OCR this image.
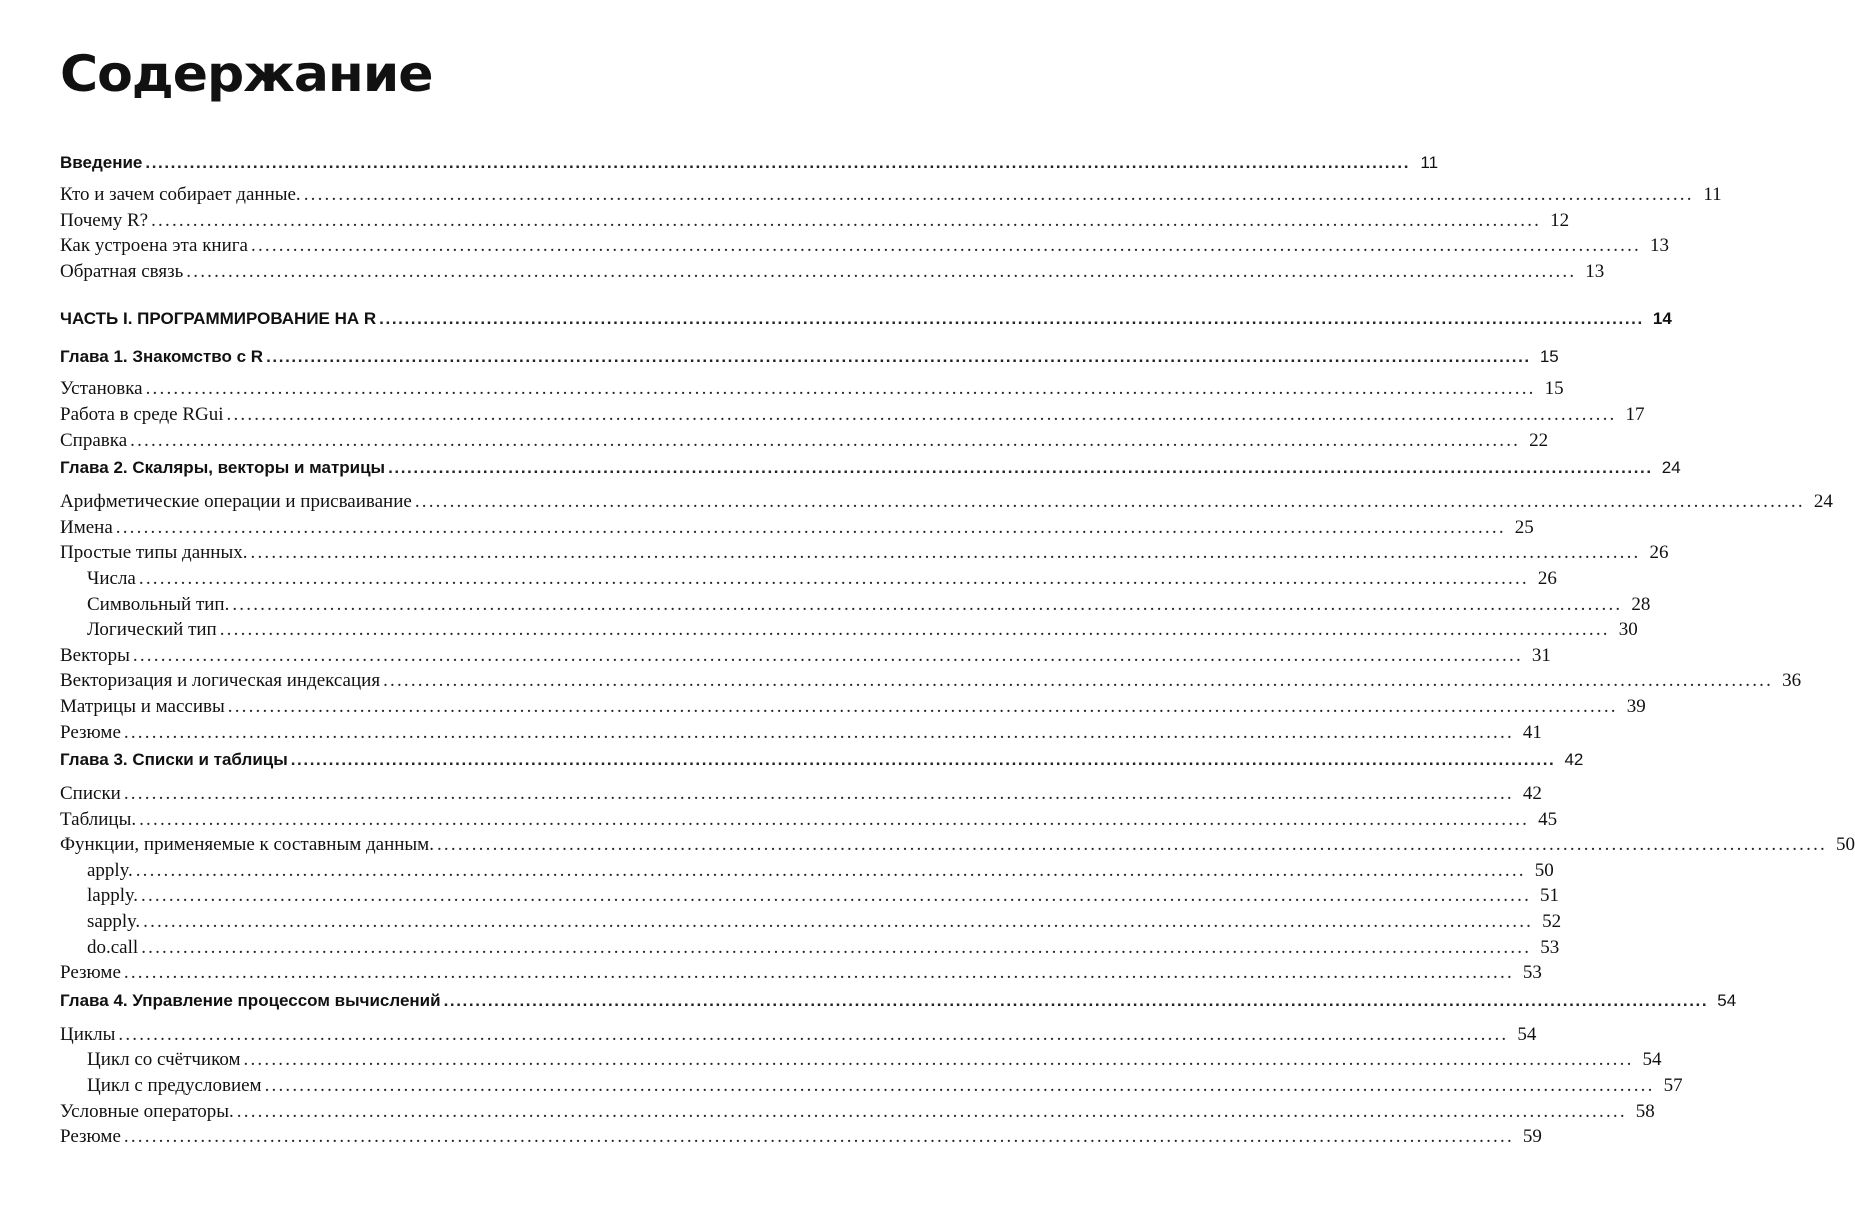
Содержание
Введение ........................................................................................................................................................................................................ 11
Кто и зачем собирает данные. ........................................................................................................................................................................................................ 11
Почему R? ........................................................................................................................................................................................................ 12
Как устроена эта книга ........................................................................................................................................................................................................ 13
Обратная связь ........................................................................................................................................................................................................ 13
ЧАСТЬ I. ПРОГРАММИРОВАНИЕ НА R ........................................................................................................................................................................................................ 14
Глава 1. Знакомство с R ........................................................................................................................................................................................................ 15
Установка ........................................................................................................................................................................................................ 15
Работа в среде RGui ........................................................................................................................................................................................................ 17
Справка ........................................................................................................................................................................................................ 22
Глава 2. Скаляры, векторы и матрицы ........................................................................................................................................................................................................ 24
Арифметические операции и присваивание ........................................................................................................................................................................................................ 24
Имена ........................................................................................................................................................................................................ 25
Простые типы данных. ........................................................................................................................................................................................................ 26
Числа ........................................................................................................................................................................................................ 26
Символьный тип. ........................................................................................................................................................................................................ 28
Логический тип ........................................................................................................................................................................................................ 30
Векторы ........................................................................................................................................................................................................ 31
Векторизация и логическая индексация ........................................................................................................................................................................................................ 36
Матрицы и массивы ........................................................................................................................................................................................................ 39
Резюме ........................................................................................................................................................................................................ 41
Глава 3. Списки и таблицы ........................................................................................................................................................................................................ 42
Списки ........................................................................................................................................................................................................ 42
Таблицы. ........................................................................................................................................................................................................ 45
Функции, применяемые к составным данным. ........................................................................................................................................................................................................ 50
apply. ........................................................................................................................................................................................................ 50
lapply. ........................................................................................................................................................................................................ 51
sapply. ........................................................................................................................................................................................................ 52
do.call ........................................................................................................................................................................................................ 53
Резюме ........................................................................................................................................................................................................ 53
Глава 4. Управление процессом вычислений ........................................................................................................................................................................................................ 54
Циклы ........................................................................................................................................................................................................ 54
Цикл со счётчиком ........................................................................................................................................................................................................ 54
Цикл с предусловием ........................................................................................................................................................................................................ 57
Условные операторы. ........................................................................................................................................................................................................ 58
Резюме ........................................................................................................................................................................................................ 59
